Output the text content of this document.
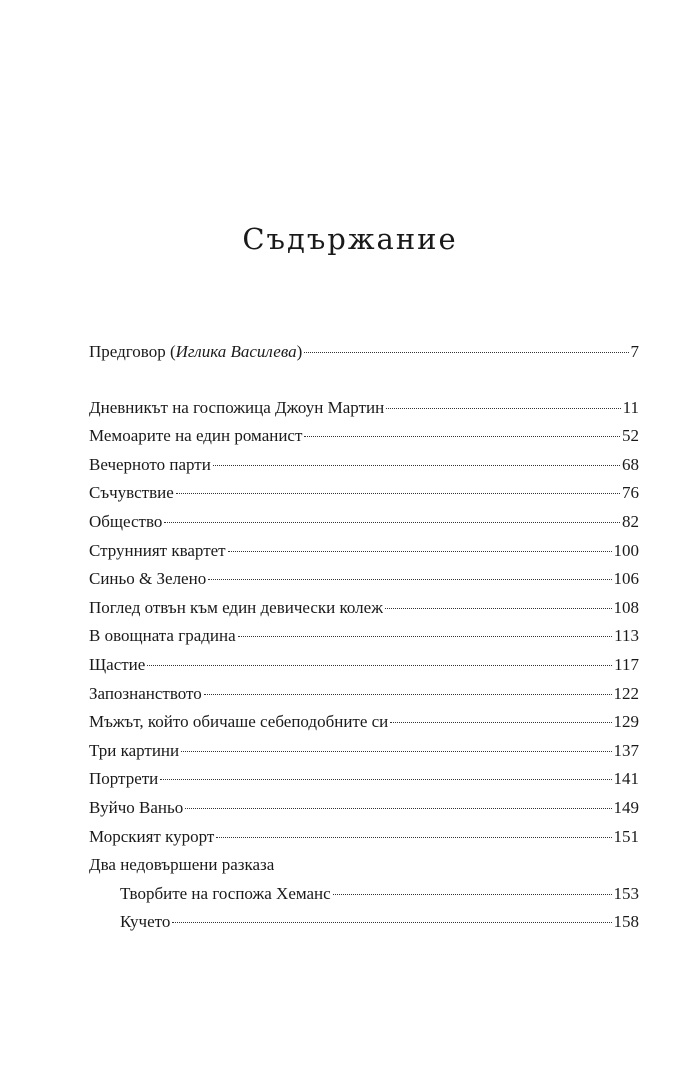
Съдържание
Предговор (Иглика Василева)	7
Дневникът на госпожица Джоун Мартин	11
Мемоарите на един романист	52
Вечерното парти	68
Съчувствие	76
Общество	82
Струнният квартет	100
Синьо & Зелено	106
Поглед отвън към един девически колеж	108
В овощната градина	113
Щастие	117
Запознанството	122
Мъжът, който обичаше себеподобните си	129
Три картини	137
Портрети	141
Вуйчо Ваньо	149
Морският курорт	151
Два недовършени разказа
Творбите на госпожа Хеманс	153
Кучето	158
